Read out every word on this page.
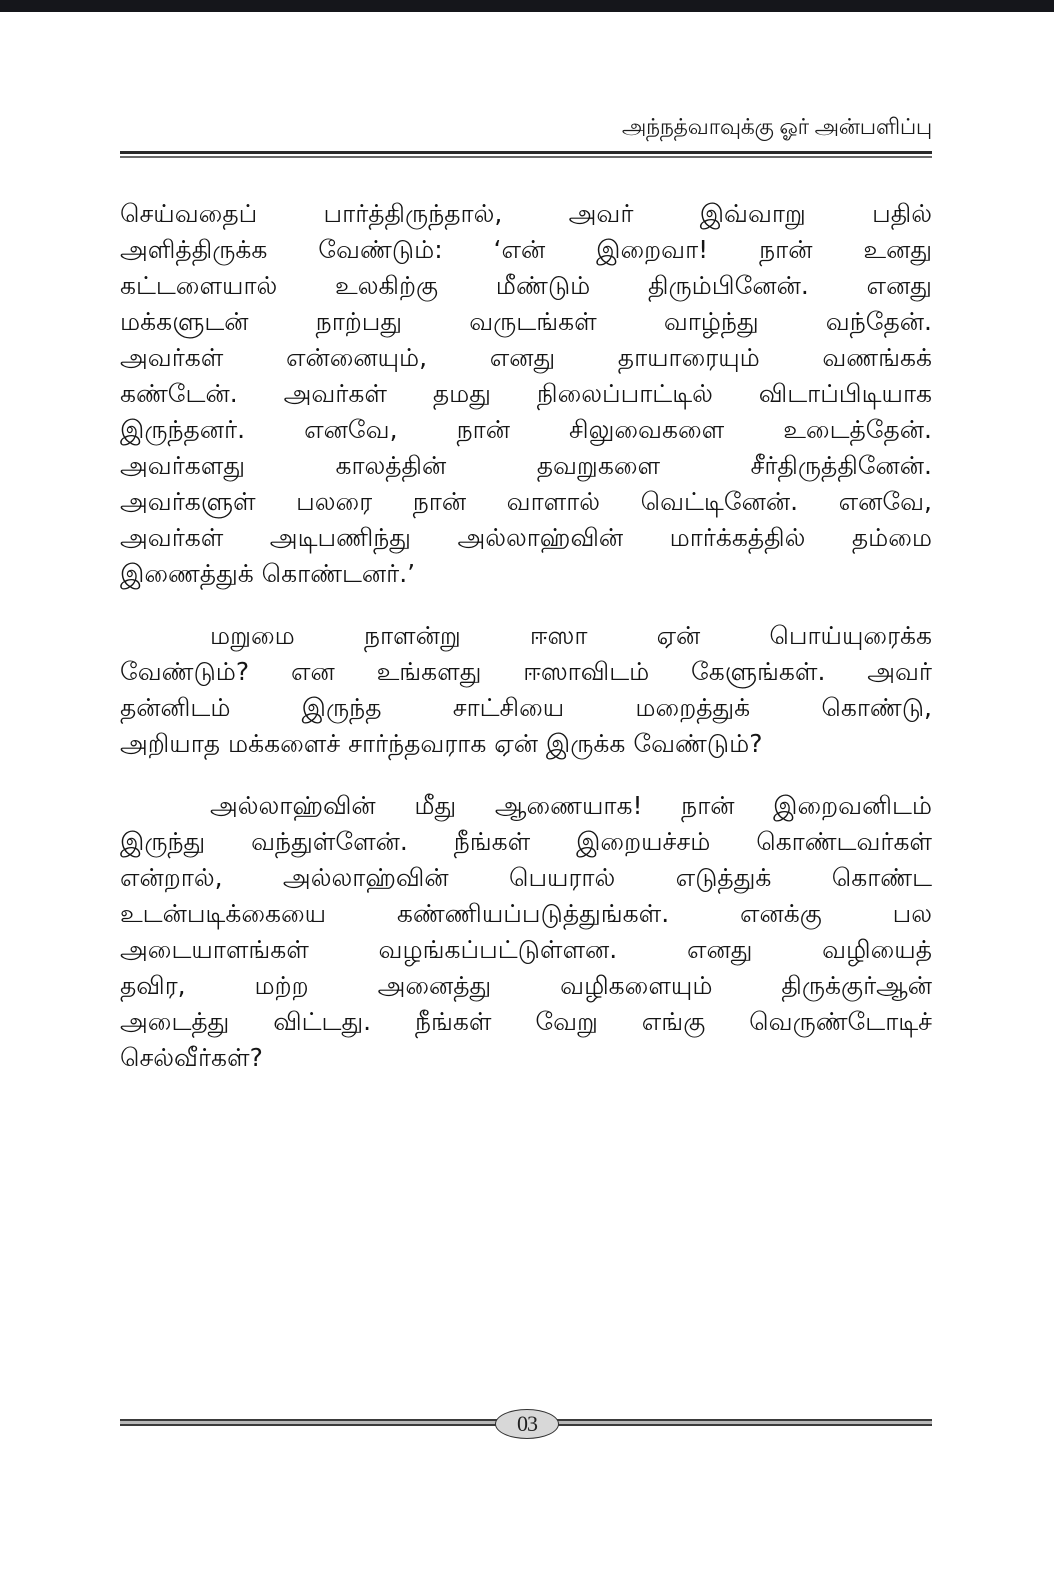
அந்நத்வாவுக்கு ஓர் அன்பளிப்பு
செய்வதைப் பார்த்திருந்தால், அவர் இவ்வாறு பதில்
அளித்திருக்க வேண்டும்: ‘என் இறைவா! நான் உனது
கட்டளையால் உலகிற்கு மீண்டும் திரும்பினேன். எனது
மக்களுடன் நாற்பது வருடங்கள் வாழ்ந்து வந்தேன்.
அவர்கள் என்னையும், எனது தாயாரையும் வணங்கக்
கண்டேன். அவர்கள் தமது நிலைப்பாட்டில் விடாப்பிடியாக
இருந்தனர். எனவே, நான் சிலுவைகளை உடைத்தேன்.
அவர்களது காலத்தின் தவறுகளை சீர்திருத்தினேன்.
அவர்களுள் பலரை நான் வாளால் வெட்டினேன். எனவே,
அவர்கள் அடிபணிந்து அல்லாஹ்வின் மார்க்கத்தில் தம்மை
இணைத்துக் கொண்டனர்.’
மறுமை நாளன்று ஈஸா ஏன் பொய்யுரைக்க
வேண்டும்? என உங்களது ஈஸாவிடம் கேளுங்கள். அவர்
தன்னிடம் இருந்த சாட்சியை மறைத்துக் கொண்டு,
அறியாத மக்களைச் சார்ந்தவராக ஏன் இருக்க வேண்டும்?
அல்லாஹ்வின் மீது ஆணையாக! நான் இறைவனிடம்
இருந்து வந்துள்ளேன். நீங்கள் இறையச்சம் கொண்டவர்கள்
என்றால், அல்லாஹ்வின் பெயரால் எடுத்துக் கொண்ட
உடன்படிக்கையை கண்ணியப்படுத்துங்கள். எனக்கு பல
அடையாளங்கள் வழங்கப்பட்டுள்ளன. எனது வழியைத்
தவிர, மற்ற அனைத்து வழிகளையும் திருக்குர்ஆன்
அடைத்து விட்டது. நீங்கள் வேறு எங்கு வெருண்டோடிச்
செல்வீர்கள்?
03
